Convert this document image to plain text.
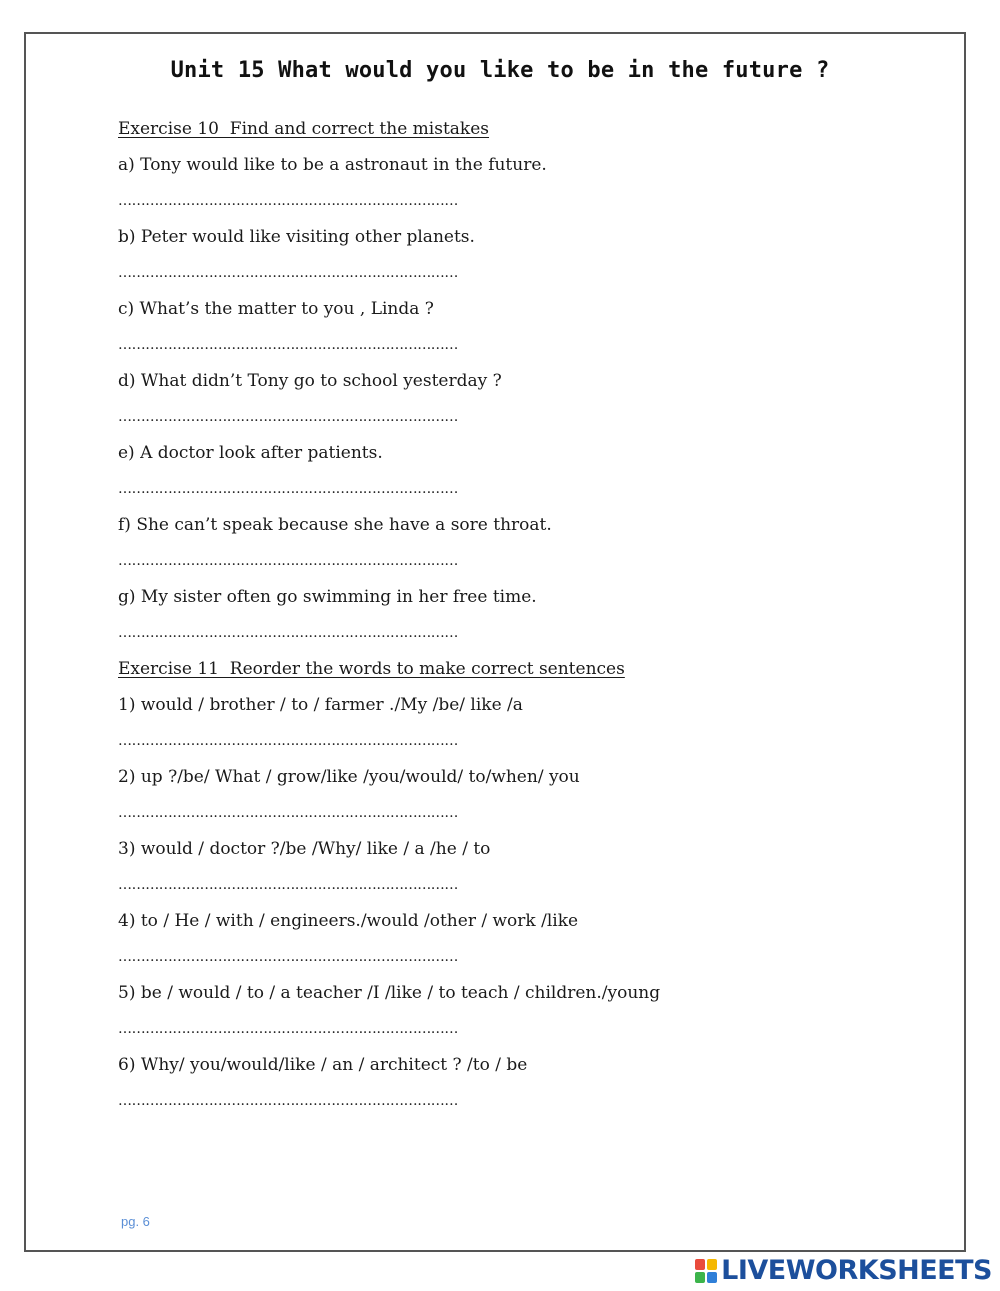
Unit 15 What would you like to be in the future ?
Exercise 10  Find and correct the mistakes
a) Tony would like to be a astronaut in the future.
…………………………………………………………………
b) Peter would like visiting other planets.
…………………………………………………………………
c) What’s the matter to you , Linda ?
…………………………………………………………………
d) What didn’t Tony go to school yesterday ?
…………………………………………………………………
e) A doctor look after patients.
…………………………………………………………………
f) She can’t speak because she have a sore throat.
…………………………………………………………………
g) My sister often go swimming in her free time.
…………………………………………………………………
Exercise 11  Reorder the words to make correct sentences
1) would / brother / to / farmer ./My /be/ like /a
…………………………………………………………………
2) up ?/be/ What / grow/like /you/would/ to/when/ you
…………………………………………………………………
3) would / doctor ?/be /Why/ like / a /he / to
…………………………………………………………………
4) to / He / with / engineers./would /other / work /like
…………………………………………………………………
5) be / would / to / a teacher /I /like / to teach / children./young
…………………………………………………………………
6) Why/ you/would/like / an / architect ? /to / be
…………………………………………………………………
pg. 6
LIVEWORKSHEETS
